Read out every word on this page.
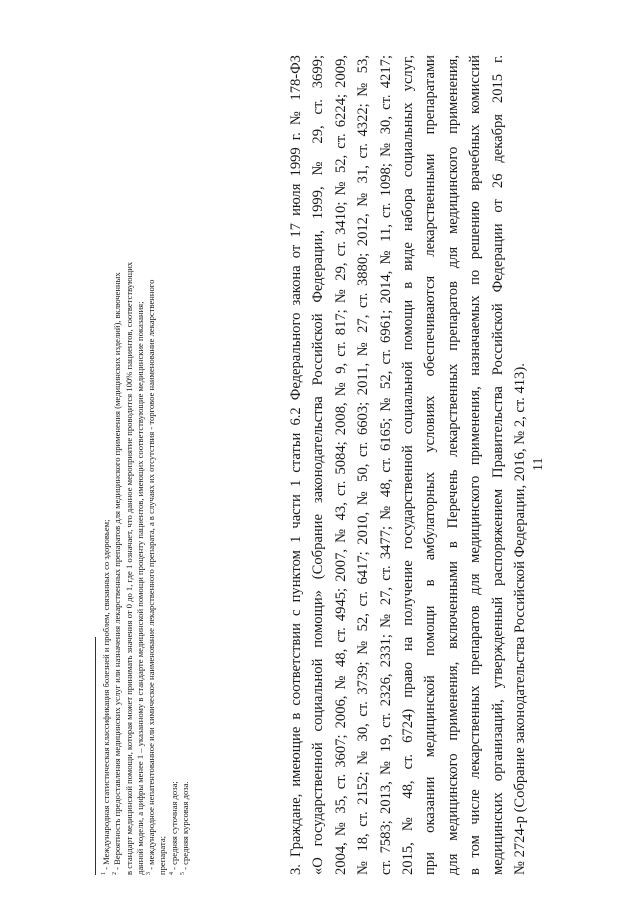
11
3. Граждане, имеющие в соответствии с пунктом 1 части 1 статьи 6.2 Федерального закона от 17 июля 1999 г. № 178-ФЗ «О государственной социальной помощи» (Собрание законодательства Российской Федерации, 1999, № 29, ст. 3699; 2004, № 35, ст. 3607; 2006, № 48, ст. 4945; 2007, № 43, ст. 5084; 2008, № 9, ст. 817; № 29, ст. 3410; № 52, ст. 6224; 2009, № 18, ст. 2152; № 30, ст. 3739; № 52, ст. 6417; 2010, № 50, ст. 6603; 2011, № 27, ст. 3880; 2012, № 31, ст. 4322; № 53, ст. 7583; 2013, № 19, ст. 2326, 2331; № 27, ст. 3477; № 48, ст. 6165; № 52, ст. 6961; 2014, № 11, ст. 1098; № 30, ст. 4217; 2015, № 48, ст. 6724) право на получение государственной социальной помощи в виде набора социальных услуг, при оказании медицинской помощи в амбулаторных условиях обеспечиваются лекарственными препаратами для медицинского применения, включенными в Перечень лекарственных препаратов для медицинского применения, в том числе лекарственных препаратов для медицинского применения, назначаемых по решению врачебных комиссий медицинских организаций, утвержденный распоряжением Правительства Российской Федерации от 26 декабря 2015 г. № 2724-р (Собрание законодательства Российской Федерации, 2016, № 2, ст. 413).
$^1$ - Международная статистическая классификация болезней и проблем, связанных со здоровьем;
$^2$ - Вероятность предоставления медицинских услуг или назначения лекарственных препаратов для медицинского применения (медицинских изделий), включенных в стандарт медицинской помощи, которая может принимать значения от 0 до 1, где 1 означает, что данное мероприятие проводится 100% пациентов, соответствующих данной модели, а цифры менее 1 – указанному в стандарте медицинской помощи проценту пациентов, имеющих соответствующие медицинские показания; $^3$ - международное непатентованное или химическое наименование лекарственного препарата, а в случаях их отсутствия - торговое наименование лекарственного препарата; $^4$ - средняя суточная доза;
$^5$ - средняя курсовая доза.
